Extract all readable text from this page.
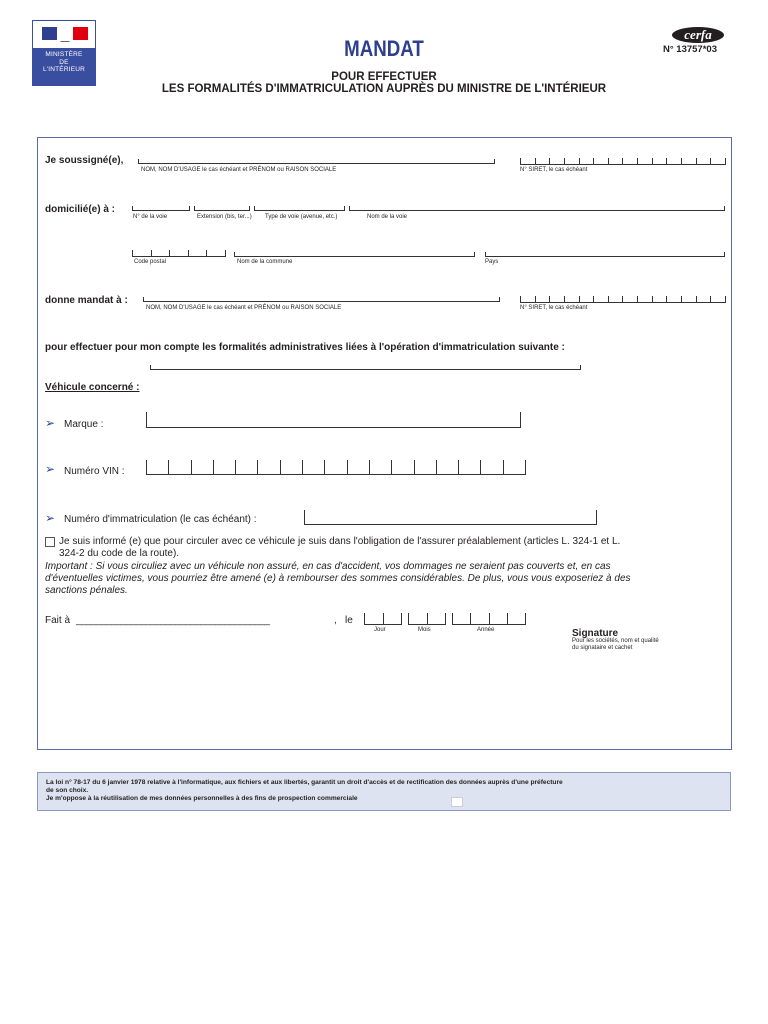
▬▬▬
MINISTÈRE
DE
L'INTÉRIEUR
MANDAT
POUR EFFECTUER
LES FORMALITÉS D'IMMATRICULATION AUPRÈS DU MINISTRE DE L'INTÉRIEUR
cerfa
N° 13757*03
Je soussigné(e),
NOM, NOM D'USAGE le cas échéant et PRÉNOM ou RAISON SOCIALE	N° SIRET, le cas échéant
domicilié(e) à :
N° de la voie	Extension (bis, ter...) Type de voie (avenue, etc.)	Nom de la voie
Code postal	Nom de la commune	Pays
donne mandat à :
NOM, NOM D'USAGE le cas échéant et PRÉNOM ou RAISON SOCIALE	N° SIRET, le cas échéant
pour effectuer pour mon compte les formalités administratives liées à l'opération d'immatriculation suivante :
Véhicule concerné :
➢ Marque :
➢ Numéro VIN :
➢ Numéro d'immatriculation (le cas échéant) :
Je suis informé (e) que pour circuler avec ce véhicule je suis dans l'obligation de l'assurer préalablement (articles L. 324-1 et L.
324-2 du code de la route).
Important : Si vous circuliez avec un véhicule non assuré, en cas d'accident, vos dommages ne seraient pas couverts et, en cas
d'éventuelles victimes, vous pourriez être amené (e) à rembourser des sommes considérables. De plus, vous vous exposeriez à des
sanctions pénales.
Fait à _______________________________________	, le
Jour	Mois	Année	Signature
Pour les sociétés, nom et qualité
du signataire et cachet
La loi n° 78-17 du 6 janvier 1978 relative à l'informatique, aux fichiers et aux libertés, garantit un droit d'accès et de rectification des données auprès d'une préfecture
de son choix.
Je m'oppose à la réutilisation de mes données personnelles à des fins de prospection commerciale
